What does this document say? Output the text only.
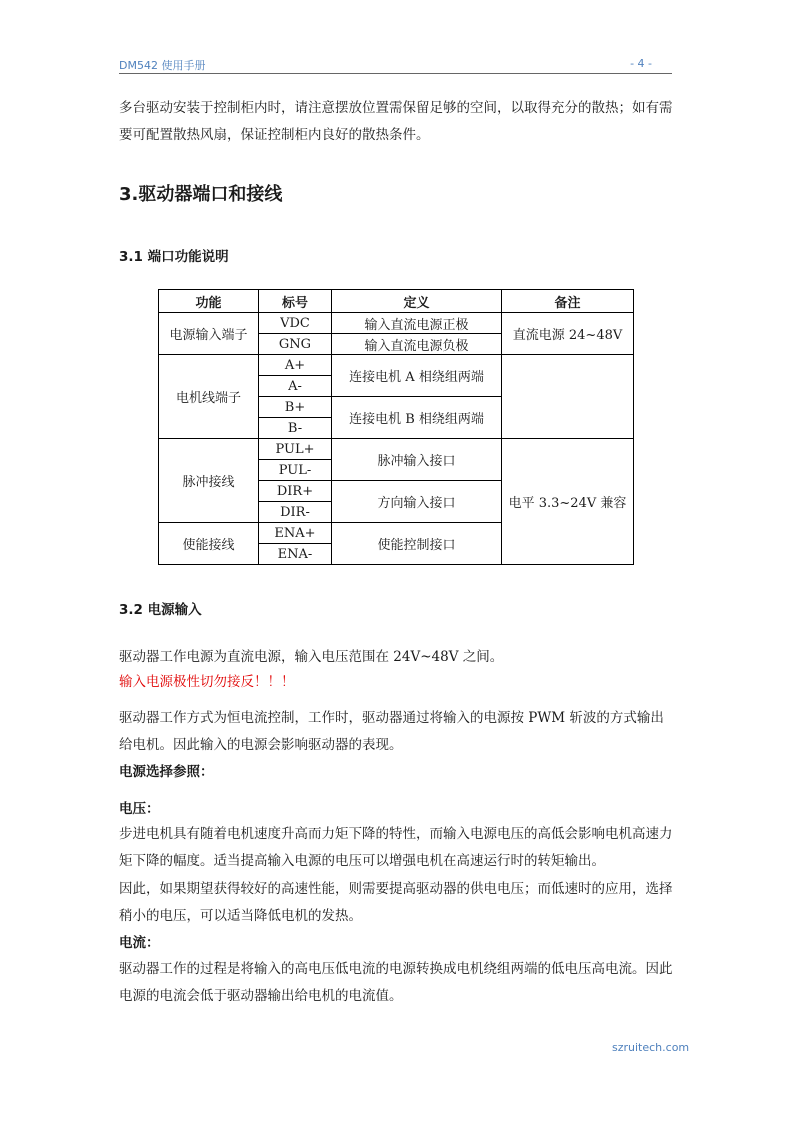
DM542 使用手册	- 4 -

多台驱动安装于控制柜内时，请注意摆放位置需保留足够的空间，以取得充分的散热；如有需要可配置散热风扇，保证控制柜内良好的散热条件。

3.驱动器端口和接线
3.1 端口功能说明
功能	标号	定义	备注
电源输入端子	VDC	输入直流电源正极	直流电源 24~48V
	GNG	输入直流电源负极	
电机线端子	A+	连接电机 A 相绕组两端	
	A-		
	B+	连接电机 B 相绕组两端	
	B-		
脉冲接线	PUL+	脉冲输入接口	电平 3.3~24V 兼容
	PUL-		
	DIR+	方向输入接口	
	DIR-		
使能接线	ENA+	使能控制接口	
	ENA-		
3.2 电源输入

驱动器工作电源为直流电源，输入电压范围在 24V~48V 之间。

输入电源极性切勿接反！！！

驱动器工作方式为恒电流控制，工作时，驱动器通过将输入的电源按 PWM 斩波的方式输出给电机。因此输入的电源会影响驱动器的表现。

电源选择参照：

电压：

步进电机具有随着电机速度升高而力矩下降的特性，而输入电源电压的高低会影响电机高速力矩下降的幅度。适当提高输入电源的电压可以增强电机在高速运行时的转矩输出。

因此，如果期望获得较好的高速性能，则需要提高驱动器的供电电压；而低速时的应用，选择稍小的电压，可以适当降低电机的发热。

电流：

驱动器工作的过程是将输入的高电压低电流的电源转换成电机绕组两端的低电压高电流。因此电源的电流会低于驱动器输出给电机的电流值。

szruitech.com
